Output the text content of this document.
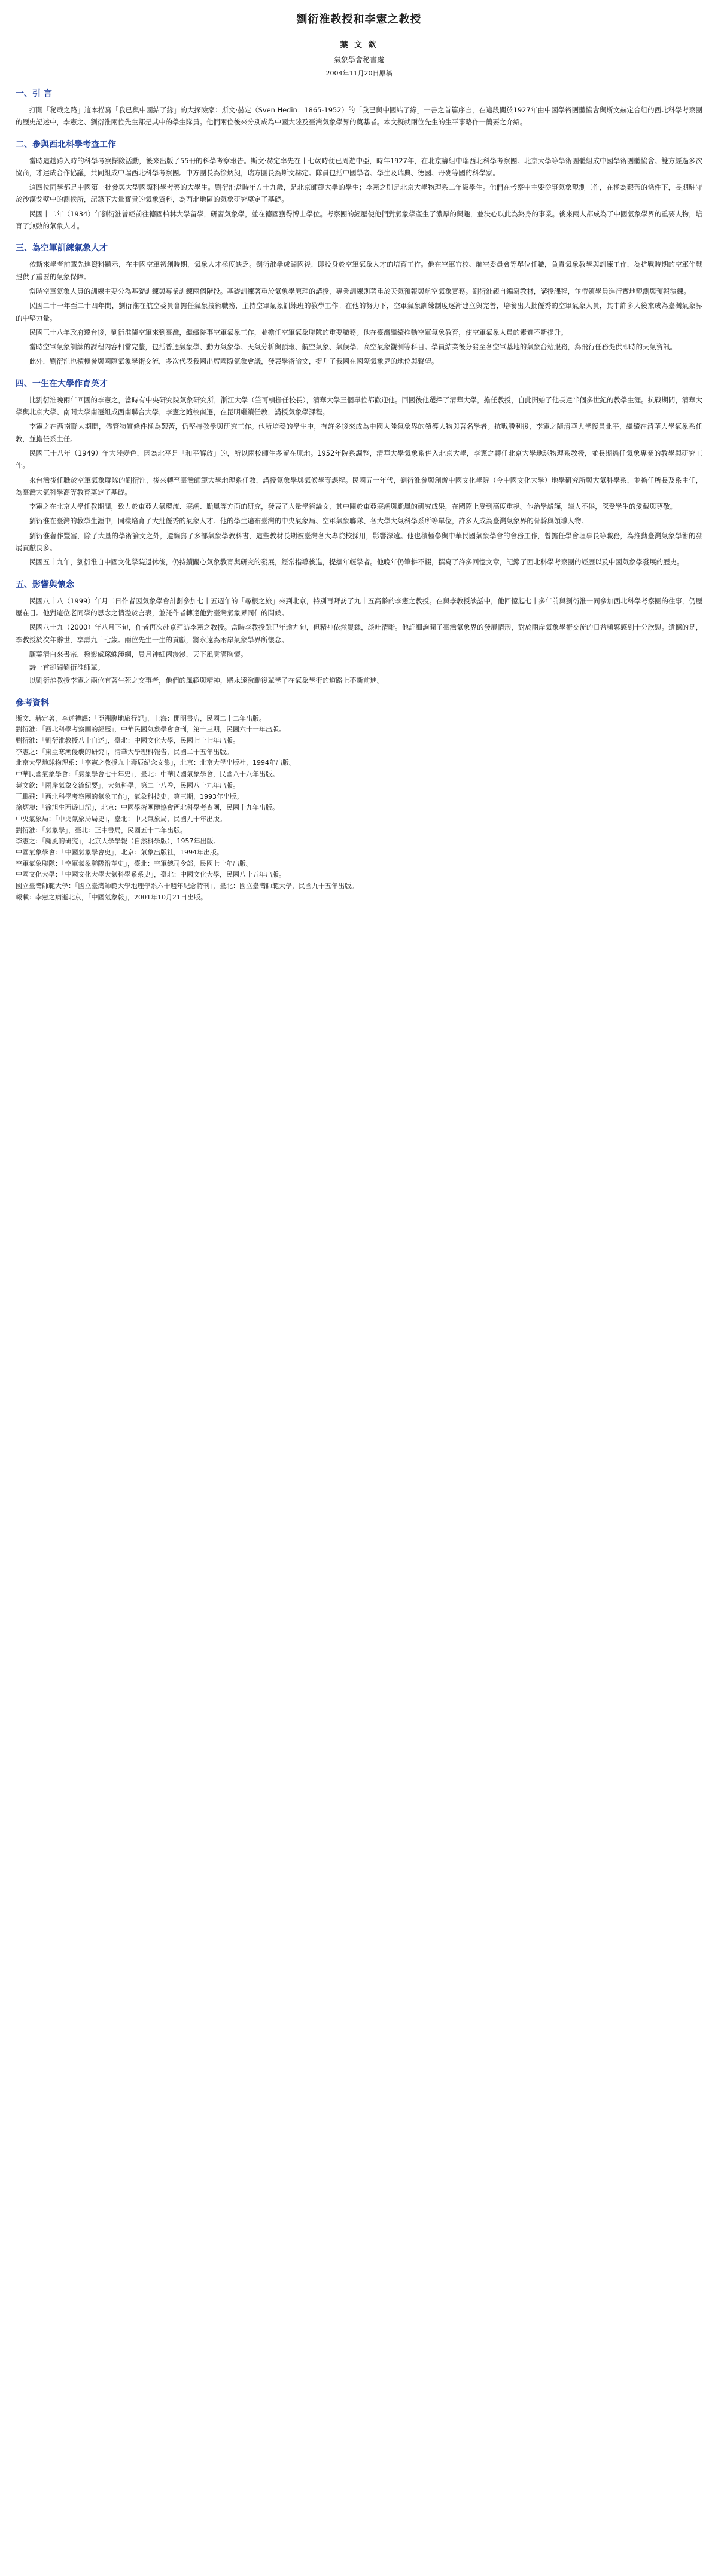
劉衍淮教授和李憲之教授
葉 文 欽
氣象學會秘書處
2004年11月20日原稿
一、引 言

打開「秘載之路」這本描寫「我已與中國結了緣」的大探險家：斯文·赫定（Sven Hedin：1865-1952）的「我已與中國結了緣」一書之首篇序言，在這段關於1927年由中國學術團體協會與斯文赫定合組的西北科學考察團的歷史記述中，李憲之、劉衍淮兩位先生都是其中的學生隊員。他們兩位後來分別成為中國大陸及臺灣氣象學界的奠基者。本文擬就兩位先生的生平事略作一簡要之介紹。

二、參與西北科學考查工作

當時這趟跨入時的科學考察探險活動，後來出版了55冊的科學考察報告。斯文·赫定率先在十七歲時便已周遊中亞，時年1927年，在北京籌組中瑞西北科學考察團。北京大學等學術團體組成中國學術團體協會。雙方經過多次協商，才達成合作協議，共同組成中瑞西北科學考察團。中方團長為徐炳昶，瑞方團長為斯文赫定。隊員包括中國學者、學生及瑞典、德國、丹麥等國的科學家。

這四位同學都是中國第一批參與大型國際科學考察的大學生。劉衍淮當時年方十九歲，是北京師範大學的學生；李憲之則是北京大學物理系二年級學生。他們在考察中主要從事氣象觀測工作，在極為艱苦的條件下，長期駐守於沙漠戈壁中的測候所，記錄下大量寶貴的氣象資料，為西北地區的氣象研究奠定了基礎。

民國十二年（1934）年劉衍淮曾經前往德國柏林大學留學，研習氣象學，並在德國獲得博士學位。考察團的經歷使他們對氣象學產生了濃厚的興趣，並決心以此為終身的事業。後來兩人都成為了中國氣象學界的重要人物，培育了無數的氣象人才。

三、為空軍訓練氣象人才

依斯來學者前輩先進資料顯示，在中國空軍初創時期，氣象人才極度缺乏。劉衍淮學成歸國後，即投身於空軍氣象人才的培育工作。他在空軍官校、航空委員會等單位任職，負責氣象教學與訓練工作，為抗戰時期的空軍作戰提供了重要的氣象保障。

當時空軍氣象人員的訓練主要分為基礎訓練與專業訓練兩個階段。基礎訓練著重於氣象學原理的講授，專業訓練則著重於天氣預報與航空氣象實務。劉衍淮親自編寫教材，講授課程，並帶領學員進行實地觀測與預報演練。

民國二十一年至二十四年間，劉衍淮在航空委員會擔任氣象技術職務，主持空軍氣象訓練班的教學工作。在他的努力下，空軍氣象訓練制度逐漸建立與完善，培養出大批優秀的空軍氣象人員，其中許多人後來成為臺灣氣象界的中堅力量。

民國三十八年政府遷台後，劉衍淮隨空軍來到臺灣，繼續從事空軍氣象工作，並擔任空軍氣象聯隊的重要職務。他在臺灣繼續推動空軍氣象教育，使空軍氣象人員的素質不斷提升。

當時空軍氣象訓練的課程內容相當完整，包括普通氣象學、動力氣象學、天氣分析與預報、航空氣象、氣候學、高空氣象觀測等科目。學員結業後分發至各空軍基地的氣象台站服務，為飛行任務提供即時的天氣資訊。

此外，劉衍淮也積極參與國際氣象學術交流，多次代表我國出席國際氣象會議，發表學術論文，提升了我國在國際氣象界的地位與聲望。

四、一生在大學作育英才

比劉衍淮晚兩年回國的李憲之，當時有中央研究院氣象研究所，浙江大學（竺可楨擔任校長），清華大學三個單位都歡迎他。回國後他選擇了清華大學，擔任教授，自此開始了他長達半個多世紀的教學生涯。抗戰期間，清華大學與北京大學、南開大學南遷組成西南聯合大學，李憲之隨校南遷，在昆明繼續任教，講授氣象學課程。

李憲之在西南聯大期間，儘管物質條件極為艱苦，仍堅持教學與研究工作。他所培養的學生中，有許多後來成為中國大陸氣象界的領導人物與著名學者。抗戰勝利後，李憲之隨清華大學復員北平，繼續在清華大學氣象系任教，並擔任系主任。

民國三十八年（1949）年大陸變色，因為北平是「和平解放」的，所以兩校師生多留在原地。1952年院系調整，清華大學氣象系併入北京大學，李憲之轉任北京大學地球物理系教授，並長期擔任氣象專業的教學與研究工作。

來台灣後任職於空軍氣象聯隊的劉衍淮，後來轉至臺灣師範大學地理系任教，講授氣象學與氣候學等課程。民國五十年代，劉衍淮參與創辦中國文化學院（今中國文化大學）地學研究所與大氣科學系，並擔任所長及系主任，為臺灣大氣科學高等教育奠定了基礎。

李憲之在北京大學任教期間，致力於東亞大氣環流、寒潮、颱風等方面的研究，發表了大量學術論文，其中關於東亞寒潮與颱風的研究成果，在國際上受到高度重視。他治學嚴謹，誨人不倦，深受學生的愛戴與尊敬。

劉衍淮在臺灣的教學生涯中，同樣培育了大批優秀的氣象人才。他的學生遍布臺灣的中央氣象局、空軍氣象聯隊、各大學大氣科學系所等單位，許多人成為臺灣氣象界的骨幹與領導人物。

劉衍淮著作豐富，除了大量的學術論文之外，還編寫了多部氣象學教科書，這些教材長期被臺灣各大專院校採用，影響深遠。他也積極參與中華民國氣象學會的會務工作，曾擔任學會理事長等職務，為推動臺灣氣象學術的發展貢獻良多。

民國五十九年，劉衍淮自中國文化學院退休後，仍持續關心氣象教育與研究的發展，經常指導後進，提攜年輕學者。他晚年仍筆耕不輟，撰寫了許多回憶文章，記錄了西北科學考察團的經歷以及中國氣象學發展的歷史。

五、影響與懷念

民國八十八（1999）年月二日作者因氣象學會計劃參加七十五週年的「尋根之旅」來到北京，特別再拜訪了九十五高齡的李憲之教授。在與李教授談話中，他回憶起七十多年前與劉衍淮一同參加西北科學考察團的往事，仍歷歷在目。他對這位老同學的思念之情溢於言表，並託作者轉達他對臺灣氣象界同仁的問候。

民國八十九（2000）年八月下旬，作者再次赴京拜訪李憲之教授。當時李教授雖已年逾九旬，但精神依然矍鑠，談吐清晰。他詳細詢問了臺灣氣象界的發展情形，對於兩岸氣象學術交流的日益頻繁感到十分欣慰。遺憾的是，李教授於次年辭世，享壽九十七歲。兩位先生一生的貢獻，將永遠為兩岸氣象學界所懷念。

願葉清白來書宗，撥影處琢蛛漢網，晨月神細菌漫漫，天下風雲滿胸懷。

詩一首卻歸劉衍淮師輩。

以劉衍淮教授李憲之兩位有著生死之交事者，他們的風範與精神，將永遠激勵後輩學子在氣象學術的道路上不斷前進。

參考資料
斯文．赫定著，李述禮譯：「亞洲腹地旅行記」，上海：開明書店，民國二十二年出版。
劉衍淮：「西北科學考察團的經歷」，中華民國氣象學會會刊，第十三期，民國六十一年出版。
劉衍淮：「劉衍淮教授八十自述」，臺北：中國文化大學，民國七十七年出版。
李憲之：「東亞寒潮侵襲的研究」，清華大學理科報告，民國二十五年出版。
北京大學地球物理系：「李憲之教授九十壽辰紀念文集」，北京：北京大學出版社，1994年出版。
中華民國氣象學會：「氣象學會七十年史」，臺北：中華民國氣象學會，民國八十八年出版。
葉文欽：「兩岸氣象交流紀要」，大氣科學，第二十八卷，民國八十九年出版。
王鵬飛：「西北科學考察團的氣象工作」，氣象科技史，第三期，1993年出版。
徐炳昶：「徐旭生西遊日記」，北京：中國學術團體協會西北科學考查團，民國十九年出版。
中央氣象局：「中央氣象局局史」，臺北：中央氣象局，民國九十年出版。
劉衍淮：「氣象學」，臺北：正中書局，民國五十二年出版。
李憲之：「颱風的研究」，北京大學學報（自然科學版），1957年出版。
中國氣象學會：「中國氣象學會史」，北京：氣象出版社，1994年出版。
空軍氣象聯隊：「空軍氣象聯隊沿革史」，臺北：空軍總司令部，民國七十年出版。
中國文化大學：「中國文化大學大氣科學系系史」，臺北：中國文化大學，民國八十五年出版。
國立臺灣師範大學：「國立臺灣師範大學地理學系六十週年紀念特刊」，臺北：國立臺灣師範大學，民國九十五年出版。
報載：李憲之病逝北京，「中國氣象報」，2001年10月21日出版。
